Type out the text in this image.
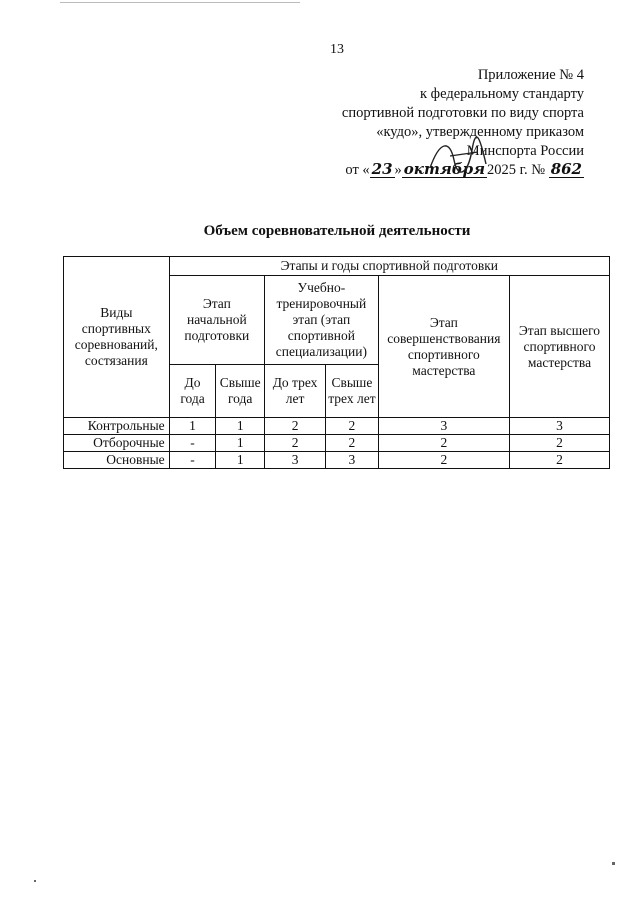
13
Приложение № 4
к федеральному стандарту
спортивной подготовки по виду спорта
«кудо», утвержденному приказом
Минспорта России
от « 23 » октября 2025 г. № 862
Объем соревновательной деятельности
Виды спортивных соревнований, состязания	Этапы и годы спортивной подготовки					
	Этап начальной подготовки		Учебно-тренировочный этап (этап спортивной специализации)		Этап совершенствования спортивного мастерства	Этап высшего спортивного мастерства
	До года	Свыше года	До трех лет	Свыше трех лет		
Контрольные	1	1	2	2	3	3
Отборочные	-	1	2	2	2	2
Основные	-	1	3	3	2	2
